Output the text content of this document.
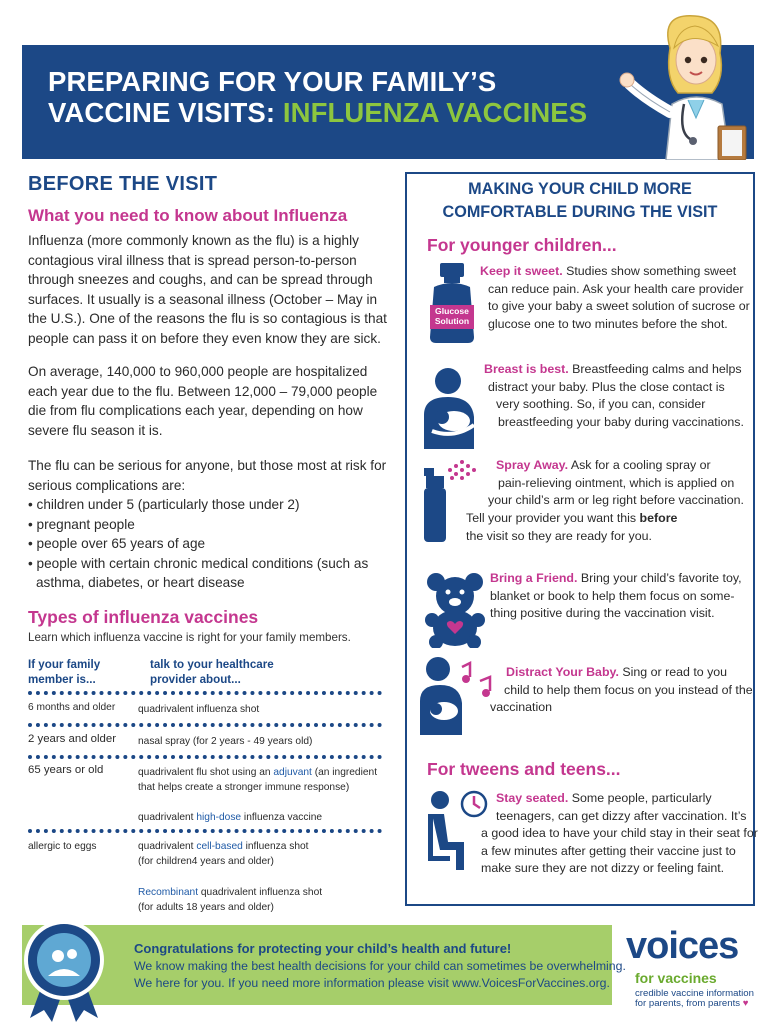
PREPARING FOR YOUR FAMILY’S
VACCINE VISITS: INFLUENZA VACCINES
BEFORE THE VISIT
What you need to know about Influenza
Influenza (more commonly known as the flu) is a highly contagious viral illness that is spread person-to-person through sneezes and coughs, and can be spread through surfaces. It usually is a seasonal illness (October – May in the U.S.). One of the reasons the flu is so contagious is that people can pass it on before they even know they are sick.
On average, 140,000 to 960,000 people are hospitalized each year due to the flu. Between 12,000 – 79,000 people die from flu complications each year, depending on how severe flu season it is.
The flu can be serious for anyone, but those most at risk for serious complications are:
• children under 5 (particularly those under 2)
• pregnant people
• people over 65 years of age
• people with certain chronic medical conditions (such as
asthma, diabetes, or heart disease
Types of influenza vaccines
Learn which influenza vaccine is right for your family members.
If your family
member is...
talk to your healthcare
provider about...
6 months and older quadrivalent influenza shot
2 years and older nasal spray (for 2 years - 49 years old)
65 years or old	quadrivalent flu shot using an adjuvant (an ingredient
that helps create a stronger immune response)
quadrivalent high-dose influenza vaccine
allergic to eggs	quadrivalent cell-based influenza shot
(for children4 years and older)
Recombinant quadrivalent influenza shot
(for adults 18 years and older)
MAKING YOUR CHILD MORE
COMFORTABLE DURING THE VISIT
For younger children...
Glucose
Solution
Keep it sweet. Studies show something sweet
can reduce pain. Ask your health care provider
to give your baby a sweet solution of sucrose or
glucose one to two minutes before the shot.
Breast is best. Breastfeeding calms and helps
distract your baby. Plus the close contact is
very soothing. So, if you can, consider
breastfeeding your baby during vaccinations.
Spray Away. Ask for a cooling spray or
pain-relieving ointment, which is applied on
your child’s arm or leg right before vaccination.
Tell your provider you want this before
the visit so they are ready for you.
Bring a Friend. Bring your child’s favorite toy,
blanket or book to help them focus on some-
thing positive during the vaccination visit.
Distract Your Baby. Sing or read to you
child to help them focus on you instead of the
vaccination
For tweens and teens...
Stay seated. Some people, particularly
teenagers, can get dizzy after vaccination. It’s
a good idea to have your child stay in their seat for
a few minutes after getting their vaccine just to
make sure they are not dizzy or feeling faint.
Congratulations for protecting your child’s health and future!
We know making the best health decisions for your child can sometimes be overwhelming.
We here for you. If you need more information please visit www.VoicesForVaccines.org.
voices
for vaccines
credible vaccine information
for parents, from parents ♥
